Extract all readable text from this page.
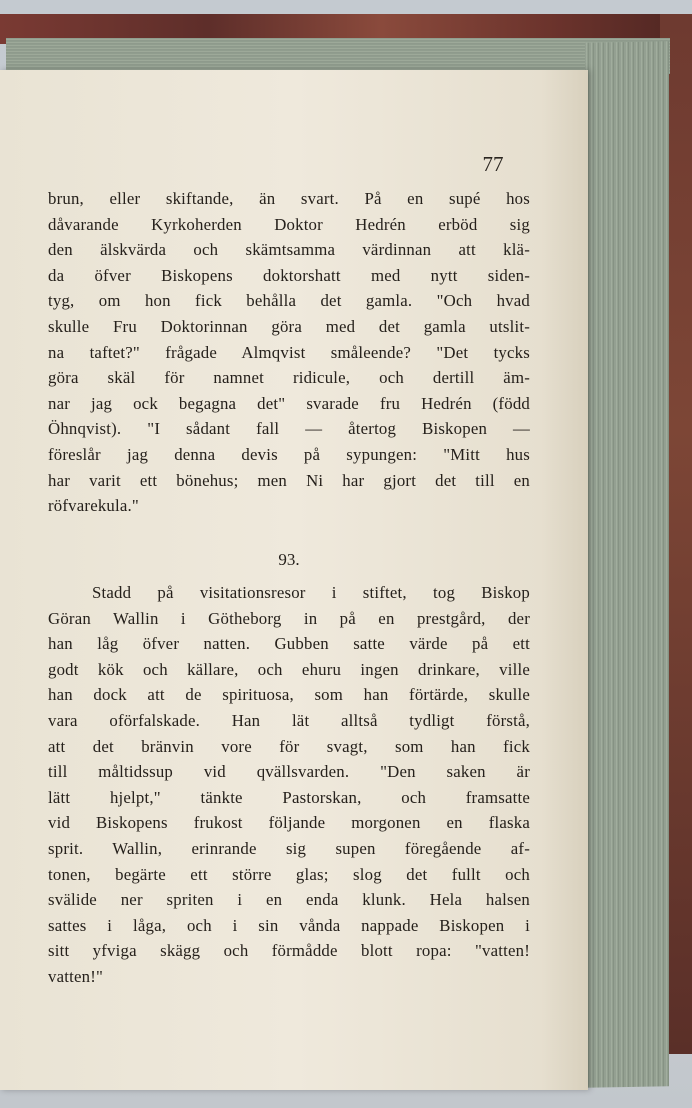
77
brun, eller skiftande, än svart. På en supé hos
dåvarande Kyrkoherden Doktor Hedrén erböd sig
den älskvärda och skämtsamma värdinnan att klä-
da öfver Biskopens doktorshatt med nytt siden-
tyg, om hon fick behålla det gamla. "Och hvad
skulle Fru Doktorinnan göra med det gamla utslit-
na taftet?" frågade Almqvist småleende? "Det tycks
göra skäl för namnet ridicule, och dertill äm-
nar jag ock begagna det" svarade fru Hedrén (född
Öhnqvist). "I sådant fall — återtog Biskopen —
föreslår jag denna devis på sypungen: "Mitt hus
har varit ett bönehus; men Ni har gjort det till en
röfvarekula."
93.
Stadd på visitationsresor i stiftet, tog Biskop
Göran Wallin i Götheborg in på en prestgård, der
han låg öfver natten. Gubben satte värde på ett
godt kök och källare, och ehuru ingen drinkare, ville
han dock att de spirituosa, som han förtärde, skulle
vara oförfalskade. Han lät alltså tydligt förstå,
att det bränvin vore för svagt, som han fick
till måltidssup vid qvällsvarden. "Den saken är
lätt hjelpt," tänkte Pastorskan, och framsatte
vid Biskopens frukost följande morgonen en flaska
sprit. Wallin, erinrande sig supen föregående af-
tonen, begärte ett större glas; slog det fullt och
svälide ner spriten i en enda klunk. Hela halsen
sattes i låga, och i sin vånda nappade Biskopen i
sitt yfviga skägg och förmådde blott ropa: "vatten!
vatten!"
